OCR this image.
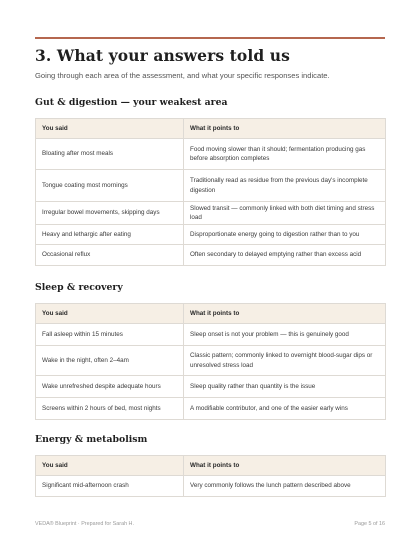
3. What your answers told us

Going through each area of the assessment, and what your specific responses indicate.

Gut & digestion — your weakest area
You said	What it points to
Bloating after most meals	Food moving slower than it should; fermentation producing gas before absorption completes
Tongue coating most mornings	Traditionally read as residue from the previous day's incomplete digestion
Irregular bowel movements, skipping days	Slowed transit — commonly linked with both diet timing and stress load
Heavy and lethargic after eating	Disproportionate energy going to digestion rather than to you
Occasional reflux	Often secondary to delayed emptying rather than excess acid
Sleep & recovery
You said	What it points to
Fall asleep within 15 minutes	Sleep onset is not your problem — this is genuinely good
Wake in the night, often 2–4am	Classic pattern; commonly linked to overnight blood-sugar dips or unresolved stress load
Wake unrefreshed despite adequate hours	Sleep quality rather than quantity is the issue
Screens within 2 hours of bed, most nights	A modifiable contributor, and one of the easier early wins
Energy & metabolism
You said	What it points to
Significant mid-afternoon crash	Very commonly follows the lunch pattern described above

VEDA® Blueprint · Prepared for Sarah H.	Page 5 of 16
